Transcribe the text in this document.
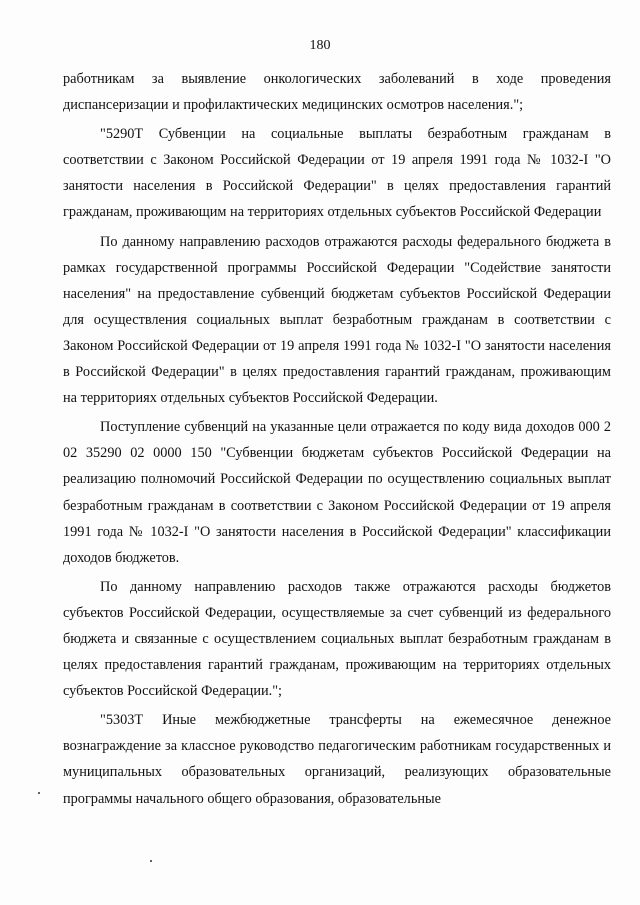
180

работникам за выявление онкологических заболеваний в ходе проведения диспансеризации и профилактических медицинских осмотров населения.";

"5290Т Субвенции на социальные выплаты безработным гражданам в соответствии с Законом Российской Федерации от 19 апреля 1991 года № 1032-I "О занятости населения в Российской Федерации" в целях предоставления гарантий гражданам, проживающим на территориях отдельных субъектов Российской Федерации

По данному направлению расходов отражаются расходы федерального бюджета в рамках государственной программы Российской Федерации "Содействие занятости населения" на предоставление субвенций бюджетам субъектов Российской Федерации для осуществления социальных выплат безработным гражданам в соответствии с Законом Российской Федерации от 19 апреля 1991 года № 1032-I "О занятости населения в Российской Федерации" в целях предоставления гарантий гражданам, проживающим на территориях отдельных субъектов Российской Федерации.

Поступление субвенций на указанные цели отражается по коду вида доходов 000 2 02 35290 02 0000 150 "Субвенции бюджетам субъектов Российской Федерации на реализацию полномочий Российской Федерации по осуществлению социальных выплат безработным гражданам в соответствии с Законом Российской Федерации от 19 апреля 1991 года № 1032-I "О занятости населения в Российской Федерации" классификации доходов бюджетов.

По данному направлению расходов также отражаются расходы бюджетов субъектов Российской Федерации, осуществляемые за счет субвенций из федерального бюджета и связанные с осуществлением социальных выплат безработным гражданам в целях предоставления гарантий гражданам, проживающим на территориях отдельных субъектов Российской Федерации.";

"5303Т Иные межбюджетные трансферты на ежемесячное денежное вознаграждение за классное руководство педагогическим работникам государственных и муниципальных образовательных организаций, реализующих образовательные программы начального общего образования, образовательные
